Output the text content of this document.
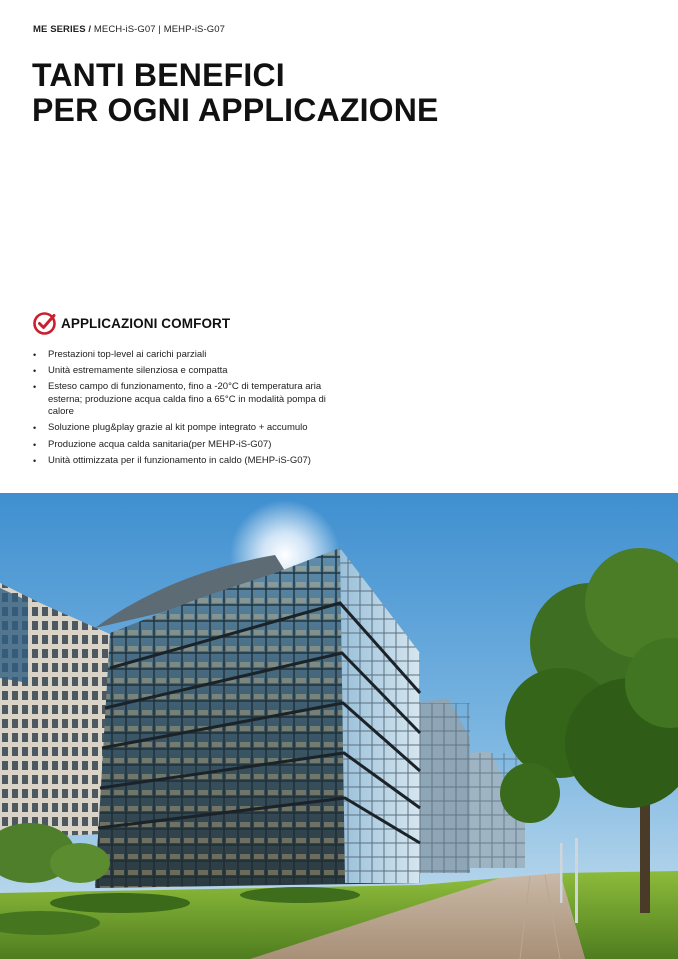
ME SERIES / MECH-iS-G07 | MEHP-iS-G07
TANTI BENEFICI
PER OGNI APPLICAZIONE
APPLICAZIONI COMFORT
• Prestazioni top-level ai carichi parziali
• Unità estremamente silenziosa e compatta
• Esteso campo di funzionamento, fino a -20°C di temperatura aria esterna; produzione acqua calda fino a 65°C in modalità pompa di calore
• Soluzione plug&play grazie al kit pompe integrato + accumulo
• Produzione acqua calda sanitaria(per MEHP-iS-G07)
• Unità ottimizzata per il funzionamento in caldo (MEHP-iS-G07)
